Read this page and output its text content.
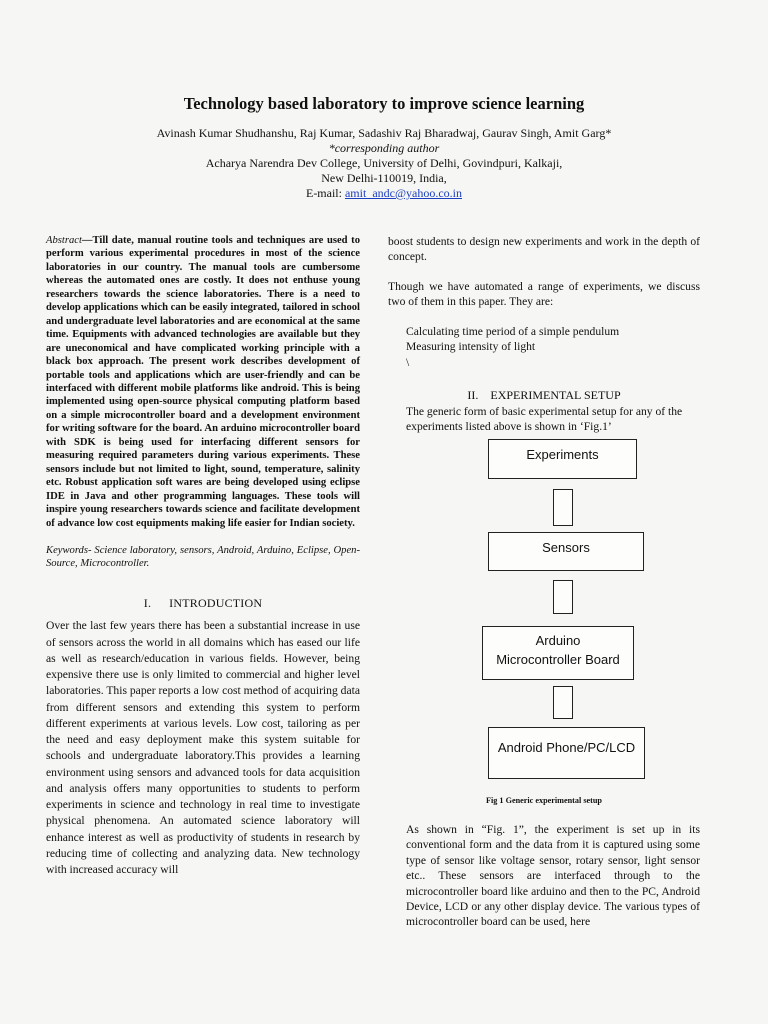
Technology based laboratory to improve science learning
Avinash Kumar Shudhanshu, Raj Kumar, Sadashiv Raj Bharadwaj, Gaurav Singh, Amit Garg*
*corresponding author
Acharya Narendra Dev College, University of Delhi, Govindpuri, Kalkaji,
New Delhi-110019, India,
E-mail: amit_andc@yahoo.co.in
Abstract—Till date, manual routine tools and techniques are used to perform various experimental procedures in most of the science laboratories in our country. The manual tools are cumbersome whereas the automated ones are costly. It does not enthuse young researchers towards the science laboratories. There is a need to develop applications which can be easily integrated, tailored in school and undergraduate level laboratories and are economical at the same time. Equipments with advanced technologies are available but they are uneconomical and have complicated working principle with a black box approach. The present work describes development of portable tools and applications which are user-friendly and can be interfaced with different mobile platforms like android. This is being implemented using open-source physical computing platform based on a simple microcontroller board and a development environment for writing software for the board. An arduino microcontroller board with SDK is being used for interfacing different sensors for measuring required parameters during various experiments. These sensors include but not limited to light, sound, temperature, salinity etc. Robust application soft wares are being developed using eclipse IDE in Java and other programming languages. These tools will inspire young researchers towards science and facilitate development of advance low cost equipments making life easier for Indian society.
Keywords- Science laboratory, sensors, Android, Arduino, Eclipse, Open-Source, Microcontroller.
I. INTRODUCTION
Over the last few years there has been a substantial increase in use of sensors across the world in all domains which has eased our life as well as research/education in various fields. However, being expensive there use is only limited to commercial and higher level laboratories. This paper reports a low cost method of acquiring data from different sensors and extending this system to perform different experiments at various levels. Low cost, tailoring as per the need and easy deployment make this system suitable for schools and undergraduate laboratory.This provides a learning environment using sensors and advanced tools for data acquisition and analysis offers many opportunities to students to perform experiments in science and technology in real time to investigate physical phenomena. An automated science laboratory will enhance interest as well as productivity of students in research by reducing time of collecting and analyzing data. New technology with increased accuracy will

boost students to design new experiments and work in the depth of concept.

Though we have automated a range of experiments, we discuss two of them in this paper. They are:

Calculating time period of a simple pendulum
Measuring intensity of light
\
II. EXPERIMENTAL SETUP
The generic form of basic experimental setup for any of the experiments listed above is shown in ‘Fig.1’
Experiments
Sensors
Arduino
Microcontroller Board
Android Phone/PC/LCD
Fig 1 Generic experimental setup
As shown in “Fig. 1”, the experiment is set up in its conventional form and the data from it is captured using some type of sensor like voltage sensor, rotary sensor, light sensor etc.. These sensors are interfaced through to the microcontroller board like arduino and then to the PC, Android Device, LCD or any other display device. The various types of microcontroller board can be used, here
